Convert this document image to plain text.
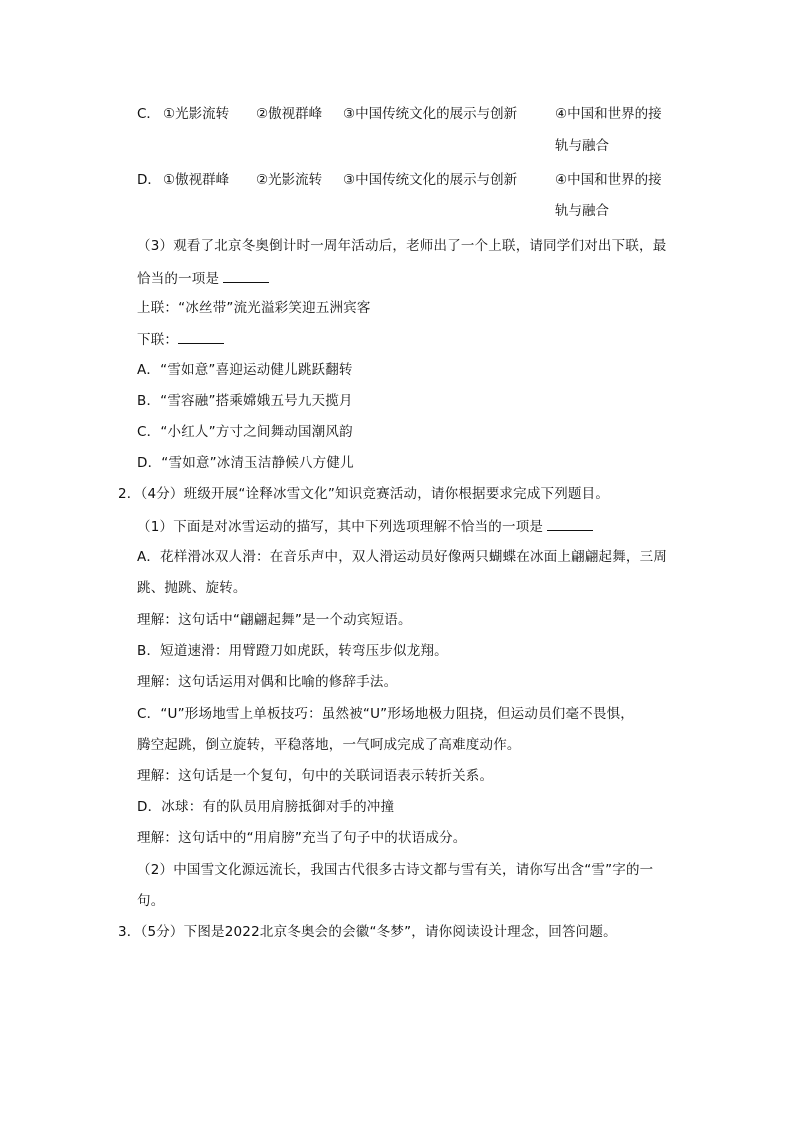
C． ①光影流转 ②傲视群峰 ③中国传统文化的展示与创新	④中国和世界的接
轨与融合
D． ①傲视群峰 ②光影流转 ③中国传统文化的展示与创新	④中国和世界的接
轨与融合
（3）观看了北京冬奥倒计时一周年活动后，老师出了一个上联，请同学们对出下联，最
恰当的一项是
上联：“冰丝带”流光溢彩笑迎五洲宾客
下联：
A．“雪如意”喜迎运动健儿跳跃翻转
B．“雪容融”搭乘嫦娥五号九天揽月
C．“小红人”方寸之间舞动国潮风韵
D．“雪如意”冰清玉洁静候八方健儿
2．（4分）班级开展“诠释冰雪文化”知识竞赛活动，请你根据要求完成下列题目。
（1）下面是对冰雪运动的描写，其中下列选项理解不恰当的一项是
A．花样滑冰双人滑：在音乐声中，双人滑运动员好像两只蝴蝶在冰面上翩翩起舞，三周
跳、抛跳、旋转。
理解：这句话中“翩翩起舞”是一个动宾短语。
B．短道速滑：用臂蹬刀如虎跃，转弯压步似龙翔。
理解：这句话运用对偶和比喻的修辞手法。
C．“U”形场地雪上单板技巧：虽然被“U”形场地极力阻挠，但运动员们毫不畏惧，
腾空起跳，倒立旋转，平稳落地，一气呵成完成了高难度动作。
理解：这句话是一个复句，句中的关联词语表示转折关系。
D．冰球：有的队员用肩膀抵御对手的冲撞
理解：这句话中的“用肩膀”充当了句子中的状语成分。
（2）中国雪文化源远流长，我国古代很多古诗文都与雪有关，请你写出含“雪”字的一
句。
3．（5分）下图是2022北京冬奥会的会徽“冬梦”，请你阅读设计理念，回答问题。
